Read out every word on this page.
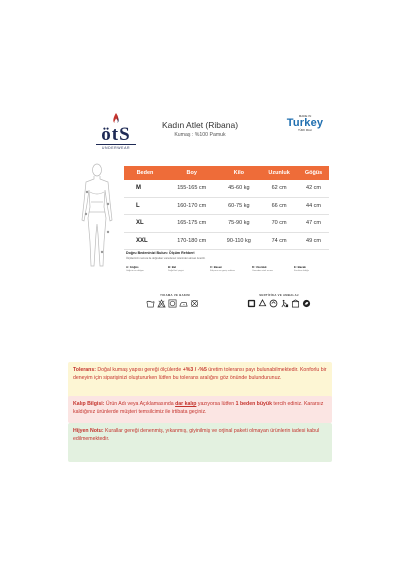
ötS
UNDERWEAR
Kadın Atlet (Ribana)
Kumaş : %100 Pamuk
MADE IN
Turkey
TÜRK MALI
Beden	Boy	Kilo	Uzunluk	Göğüs
M	155-165 cm	45-60 kg	62 cm	42 cm
L	160-170 cm	60-75 kg	66 cm	44 cm
XL	165-175 cm	75-90 kg	70 cm	47 cm
XXL	170-180 cm	90-110 kg	74 cm	49 cm
Doğru Bedeninizi Bulun: Ölçüm Rehberi
Ölçülerinizi mezura ile doğrudan vücudunuz üzerinden alman önerilir.
A: Göğüs
Göğsün en dolgun
B: Bel
Doğal bel çizgisi
C: Basen
Kalçanın en geniş noktası
D: Uzunluk
Omuzdan etek ucuna
E: Bacak
Kasıktan bileğe
YIKAMA VE BAKIM	SERTİFİKA VE AMBALAJ
Tolerans: Doğal kumaş yapısı gereği ölçülerde +%3 / -%5 üretim toleransı payı bulunabilmektedir. Konforlu bir deneyim için siparişinizi oluştururken lütfen bu tolerans aralığını göz önünde bulundurunuz.
Kalıp Bilgisi: Ürün Adı veya Açıklamasında dar kalıp yazıyorsa lütfen 1 beden büyük tercih ediniz. Kararsız kaldığınız ürünlerde müşteri temsilcimiz ile irtibata geçiniz.
Hijyen Notu: Kurallar gereği denenmiş, yıkanmış, giyinilmiş ve orjinal paketi olmayan ürünlerin iadesi kabul edilmemektedir.
